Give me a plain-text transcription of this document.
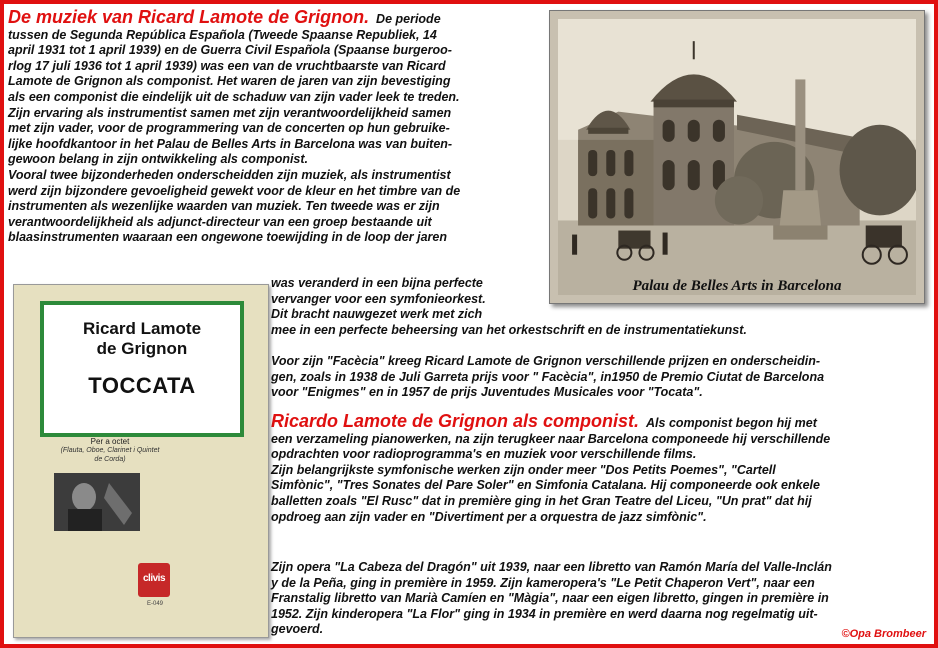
De muziek van Ricard Lamote de Grignon. De periode

tussen de Segunda República Española (Tweede Spaanse Republiek, 14

april 1931 tot 1 april 1939) en de Guerra Civil Española (Spaanse burgeroo-

rlog 17 juli 1936 tot 1 april 1939) was een van de vruchtbaarste van Ricard

Lamote de Grignon als componist. Het waren de jaren van zijn bevestiging

als een componist die eindelijk uit de schaduw van zijn vader leek te treden.

Zijn ervaring als instrumentist samen met zijn verantwoordelijkheid samen

met zijn vader, voor de programmering van de concerten op hun gebruike-

lijke hoofdkantoor in het Palau de Belles Arts in Barcelona was van buiten-

gewoon belang in zijn ontwikkeling als componist.

Vooral twee bijzonderheden onderscheidden zijn muziek, als instrumentist

werd zijn bijzondere gevoeligheid gewekt voor de kleur en het timbre van de

instrumenten als wezenlijke waarden van muziek. Ten tweede was er zijn

verantwoordelijkheid als adjunct-directeur van een groep bestaande uit

blaasinstrumenten waaraan een ongewone toewijding in de loop der jaren

was veranderd in een bijna perfecte

vervanger voor een symfonieorkest.

Dit bracht nauwgezet werk met zich

mee in een perfecte beheersing van het orkestschrift en de instrumentatiekunst.

Voor zijn "Facècia" kreeg Ricard Lamote de Grignon verschillende prijzen en onderscheidin-

gen, zoals in 1938 de Juli Garreta prijs voor " Facècia", in1950 de Premio Ciutat de Barcelona

voor "Enigmes" en in 1957 de prijs Juventudes Musicales voor "Tocata".

Ricardo Lamote de Grignon als componist. Als componist begon hij met

een verzameling pianowerken, na zijn terugkeer naar Barcelona componeede hij verschillende

opdrachten voor radioprogramma's en muziek voor verschillende films.

Zijn belangrijkste symfonische werken zijn onder meer "Dos Petits Poemes", "Cartell

Simfònic", "Tres Sonates del Pare Soler" en Simfonia Catalana. Hij componeerde ook enkele

balletten zoals "El Rusc" dat in première ging in het Gran Teatre del Liceu, "Un prat" dat hij

opdroeg aan zijn vader en "Divertiment per a orquestra de jazz simfònic".

Zijn opera "La Cabeza del Dragón" uit 1939, naar een libretto van Ramón María del Valle-Inclán

y de la Peña, ging in première in 1959. Zijn kameropera's "Le Petit Chaperon Vert", naar een

Franstalig libretto van Marià Camíen en "Màgia", naar een eigen libretto, gingen in première in

1952. Zijn kinderopera "La Flor" ging in 1934 in première en werd daarna nog regelmatig uit-

gevoerd.

Palau de Belles Arts in Barcelona
Ricard Lamote
de Grignon
TOCCATA
Per a octet
(Flauta, Oboe, Clarinet i Quintet de Corda)
clivis
E-049
©Opa Brombeer
